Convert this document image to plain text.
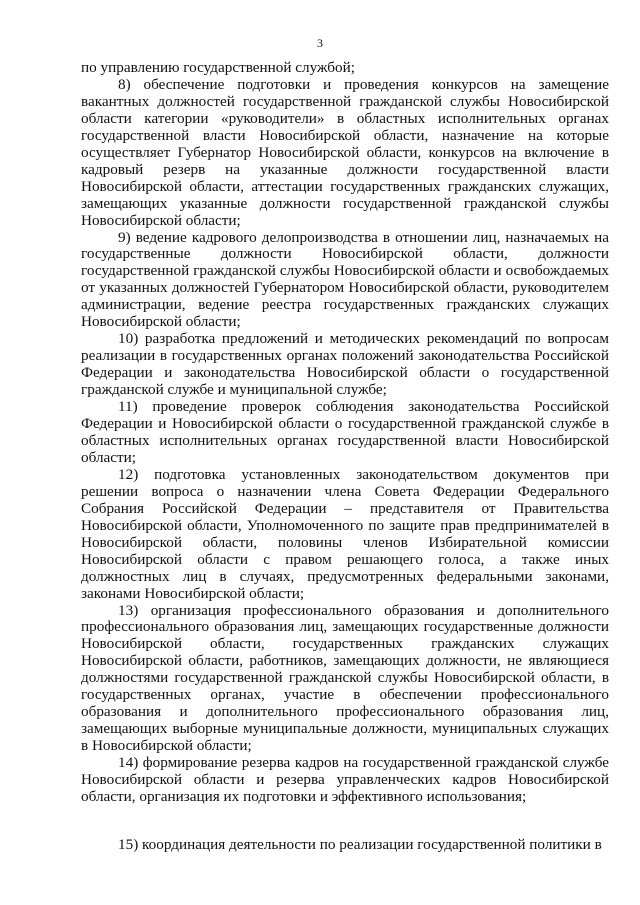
3

по управлению государственной службой;

8) обеспечение подготовки и проведения конкурсов на замещение вакантных должностей государственной гражданской службы Новосибирской области категории «руководители» в областных исполнительных органах государственной власти Новосибирской области, назначение на которые осуществляет Губернатор Новосибирской области, конкурсов на включение в кадровый резерв на указанные должности государственной власти Новосибирской области, аттестации государственных гражданских служащих, замещающих указанные должности государственной гражданской службы Новосибирской области;

9) ведение кадрового делопроизводства в отношении лиц, назначаемых на государственные должности Новосибирской области, должности государственной гражданской службы Новосибирской области и освобождаемых от указанных должностей Губернатором Новосибирской области, руководителем администрации, ведение реестра государственных гражданских служащих Новосибирской области;

10) разработка предложений и методических рекомендаций по вопросам реализации в государственных органах положений законодательства Российской Федерации и законодательства Новосибирской области о государственной гражданской службе и муниципальной службе;

11) проведение проверок соблюдения законодательства Российской Федерации и Новосибирской области о государственной гражданской службе в областных исполнительных органах государственной власти Новосибирской области;

12) подготовка установленных законодательством документов при решении вопроса о назначении члена Совета Федерации Федерального Собрания Российской Федерации – представителя от Правительства Новосибирской области, Уполномоченного по защите прав предпринимателей в Новосибирской области, половины членов Избирательной комиссии Новосибирской области с правом решающего голоса, а также иных должностных лиц в случаях, предусмотренных федеральными законами, законами Новосибирской области;

13) организация профессионального образования и дополнительного профессионального образования лиц, замещающих государственные должности Новосибирской области, государственных гражданских служащих Новосибирской области, работников, замещающих должности, не являющиеся должностями государственной гражданской службы Новосибирской области, в государственных органах, участие в обеспечении профессионального образования и дополнительного профессионального образования лиц, замещающих выборные муниципальные должности, муниципальных служащих в Новосибирской области;

14) формирование резерва кадров на государственной гражданской службе Новосибирской области и резерва управленческих кадров Новосибирской области, организация их подготовки и эффективного использования;

15) координация деятельности по реализации государственной политики в
